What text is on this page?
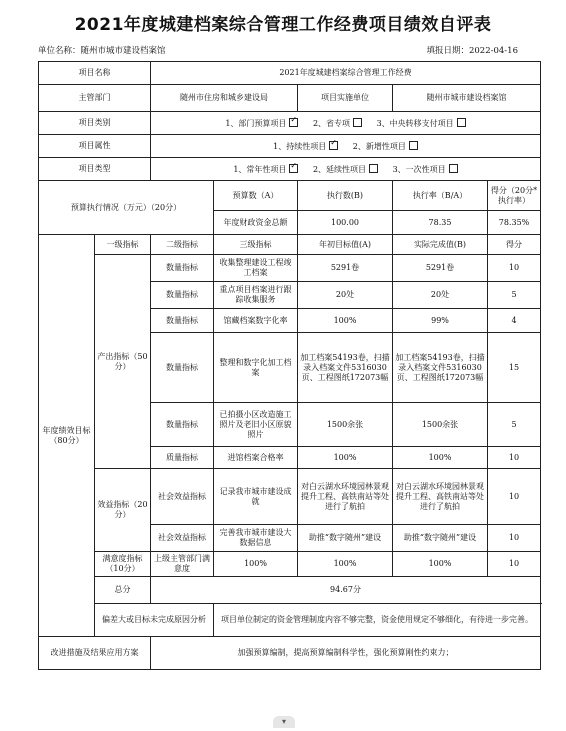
2021年度城建档案综合管理工作经费项目绩效自评表
单位名称：随州市城市建设档案馆	填报日期：2022-04-16
项目名称		2021年度城建档案综合管理工作经费				
主管部门		随州市住房和城乡建设局		项目实施单位	随州市城市建设档案馆	
项目类别		1、部门预算项目 ✓ 2、省专项 3、中央转移支付项目
项目属性		1、持续性项目 ✓ 2、新增性项目
项目类型		1、常年性项目 ✓ 2、延续性项目 3、一次性项目
预算执行情况（万元）（20分）			预算数（A）	执行数(B)	执行率（B/A）	得分（20分*执行率）
			年度财政资金总额	100.00	78.35	78.35%
年度绩效目标（80分）	一级指标	二级指标	三级指标	年初目标值(A)	实际完成值(B)	得分
	产出指标（50分）	数量指标	收集整理建设工程竣工档案	5291卷	5291卷	10
		数量指标	重点项目档案进行跟踪收集服务	20处	20处	5
		数量指标	馆藏档案数字化率	100%	99%	4
		数量指标	整理和数字化加工档案	加工档案54193卷，扫描录入档案文件5316030页、工程图纸172073幅	加工档案54193卷，扫描录入档案文件5316030页、工程图纸172073幅	15
		数量指标	已拍摄小区改造施工照片及老旧小区原貌照片	1500余张	1500余张	5
		质量指标	进馆档案合格率	100%	100%	10
	效益指标（20分）	社会效益指标	记录我市城市建设成就	对白云湖水环境园林景观提升工程、高铁南站等处进行了航拍	对白云湖水环境园林景观提升工程、高铁南站等处进行了航拍	10
		社会效益指标	完善我市城市建设大数据信息	助推“数字随州”建设	助推“数字随州”建设	10
	满意度指标（10分）	上级主管部门满意度	100%	100%	100%	10
	总分	94.67分				
	偏差大或目标未完成原因分析		项目单位制定的资金管理制度内容不够完整，资金使用规定不够细化，有待进一步完善。			
改进措施及结果应用方案		加强预算编制，提高预算编制科学性，强化预算刚性约束力；				
▾
